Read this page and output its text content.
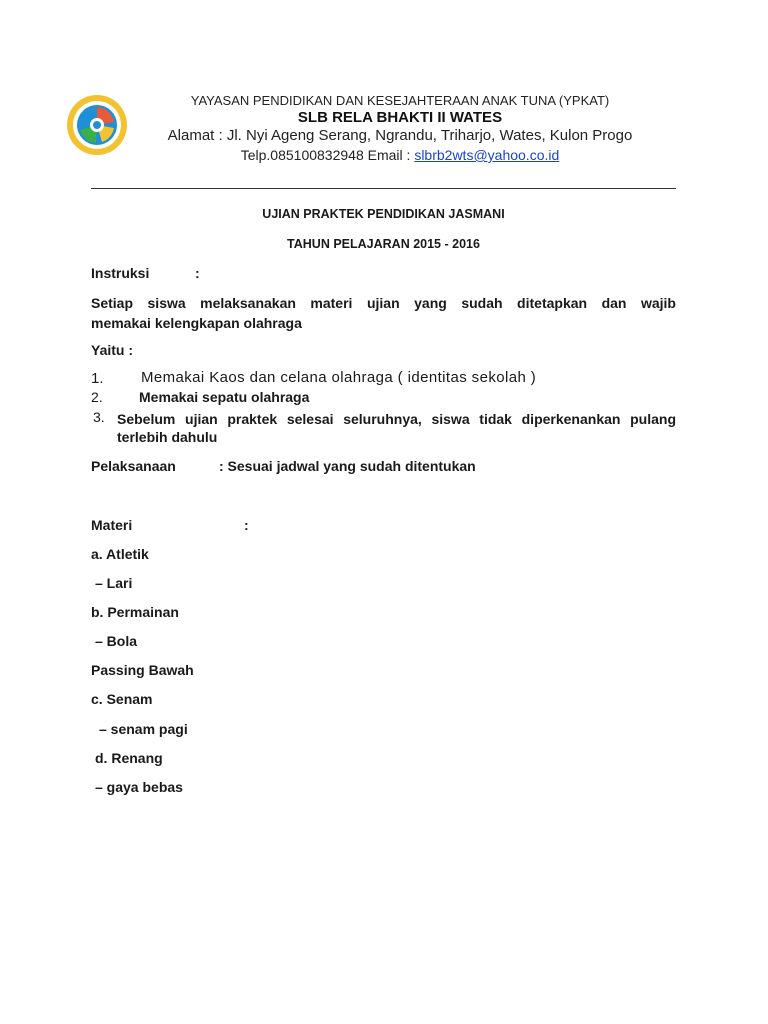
YAYASAN PENDIDIKAN DAN KESEJAHTERAAN ANAK TUNA (YPKAT)
SLB RELA BHAKTI II WATES
Alamat : Jl. Nyi Ageng Serang, Ngrandu, Triharjo, Wates, Kulon Progo
Telp.085100832948 Email : slbrb2wts@yahoo.co.id
UJIAN PRAKTEK PENDIDIKAN JASMANI
TAHUN PELAJARAN 2015 - 2016
Instruksi	:
Setiap siswa melaksanakan materi ujian yang sudah ditetapkan dan wajib
memakai kelengkapan olahraga
Yaitu :
1. Memakai Kaos dan celana olahraga ( identitas sekolah )
2.	Memakai sepatu olahraga
3. Sebelum ujian praktek selesai seluruhnya, siswa tidak diperkenankan pulang
terlebih dahulu
Pelaksanaan	: Sesuai jadwal yang sudah ditentukan
Materi	:
a. Atletik
– Lari
b. Permainan
– Bola
Passing Bawah
c. Senam
– senam pagi
d. Renang
– gaya bebas
